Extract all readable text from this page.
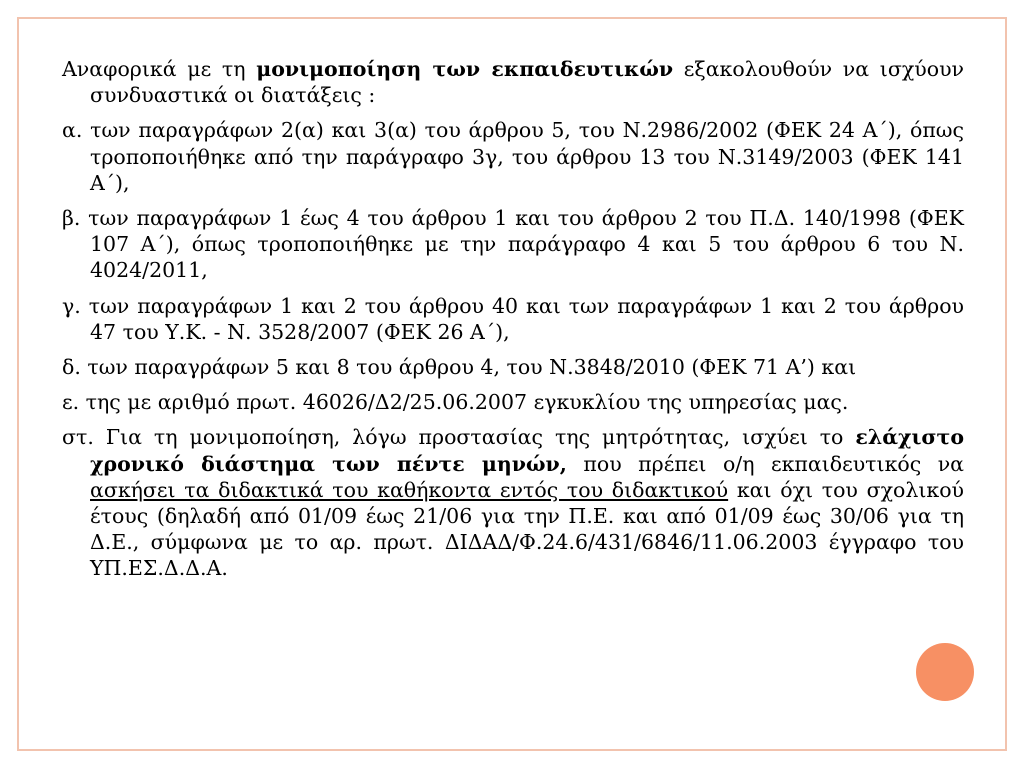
Αναφορικά με τη μονιμοποίηση των εκπαιδευτικών εξακολουθούν να ισχύουν συνδυαστικά οι διατάξεις :

α. των παραγράφων 2(α) και 3(α) του άρθρου 5, του Ν.2986/2002 (ΦΕΚ 24 Α΄), όπως τροποποιήθηκε από την παράγραφο 3γ, του άρθρου 13 του Ν.3149/2003 (ΦΕΚ 141 Α΄),

β. των παραγράφων 1 έως 4 του άρθρου 1 και του άρθρου 2 του Π.Δ. 140/1998 (ΦΕΚ 107 Α΄), όπως τροποποιήθηκε με την παράγραφο 4 και 5 του άρθρου 6 του Ν. 4024/2011,

γ. των παραγράφων 1 και 2 του άρθρου 40 και των παραγράφων 1 και 2 του άρθρου 47 του Υ.Κ. - Ν. 3528/2007 (ΦΕΚ 26 Α΄),

δ. των παραγράφων 5 και 8 του άρθρου 4, του Ν.3848/2010 (ΦΕΚ 71 Α’) και

ε. της με αριθμό πρωτ. 46026/Δ2/25.06.2007 εγκυκλίου της υπηρεσίας μας.

στ. Για τη μονιμοποίηση, λόγω προστασίας της μητρότητας, ισχύει το ελάχιστο χρονικό διάστημα των πέντε μηνών, που πρέπει ο/η εκπαιδευτικός να ασκήσει τα διδακτικά του καθήκοντα εντός του διδακτικού και όχι του σχολικού έτους (δηλαδή από 01/09 έως 21/06 για την Π.Ε. και από 01/09 έως 30/06 για τη Δ.Ε., σύμφωνα με το αρ. πρωτ. ΔΙΔΑΔ/Φ.24.6/431/6846/11.06.2003 έγγραφο του ΥΠ.ΕΣ.Δ.Δ.Α.
